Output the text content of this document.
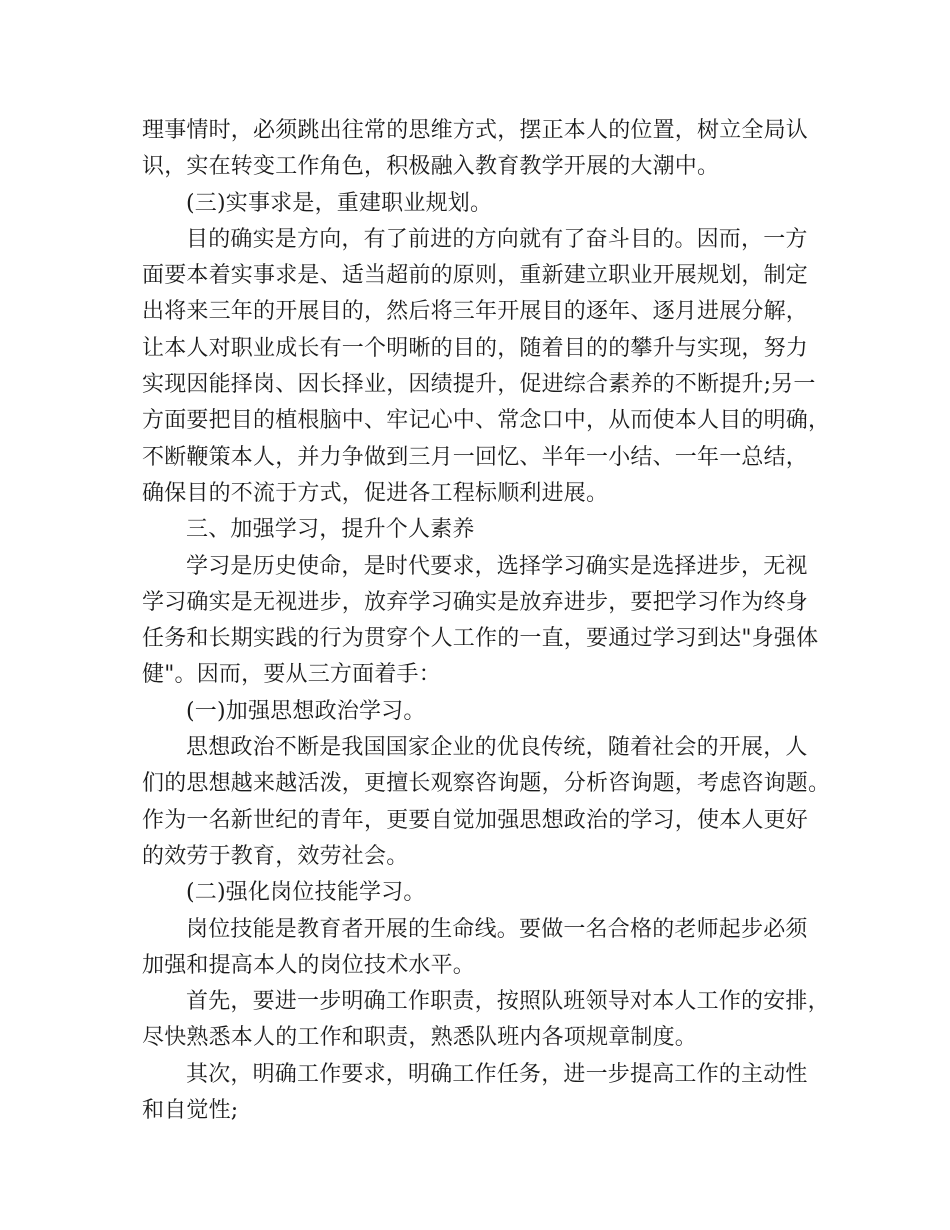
理事情时，必须跳出往常的思维方式，摆正本人的位置，树立全局认
识，实在转变工作角色，积极融入教育教学开展的大潮中。
(三)实事求是，重建职业规划。
目的确实是方向，有了前进的方向就有了奋斗目的。因而，一方
面要本着实事求是、适当超前的原则，重新建立职业开展规划，制定
出将来三年的开展目的，然后将三年开展目的逐年、逐月进展分解，
让本人对职业成长有一个明晰的目的，随着目的的攀升与实现，努力
实现因能择岗、因长择业，因绩提升，促进综合素养的不断提升;另一
方面要把目的植根脑中、牢记心中、常念口中，从而使本人目的明确，
不断鞭策本人，并力争做到三月一回忆、半年一小结、一年一总结，
确保目的不流于方式，促进各工程标顺利进展。
三、加强学习，提升个人素养
学习是历史使命，是时代要求，选择学习确实是选择进步，无视
学习确实是无视进步，放弃学习确实是放弃进步，要把学习作为终身
任务和长期实践的行为贯穿个人工作的一直，要通过学习到达"身强体
健"。因而，要从三方面着手：
(一)加强思想政治学习。
思想政治不断是我国国家企业的优良传统，随着社会的开展，人
们的思想越来越活泼，更擅长观察咨询题，分析咨询题，考虑咨询题。
作为一名新世纪的青年，更要自觉加强思想政治的学习，使本人更好
的效劳于教育，效劳社会。
(二)强化岗位技能学习。
岗位技能是教育者开展的生命线。要做一名合格的老师起步必须
加强和提高本人的岗位技术水平。
首先，要进一步明确工作职责，按照队班领导对本人工作的安排，
尽快熟悉本人的工作和职责，熟悉队班内各项规章制度。
其次，明确工作要求，明确工作任务，进一步提高工作的主动性
和自觉性;
